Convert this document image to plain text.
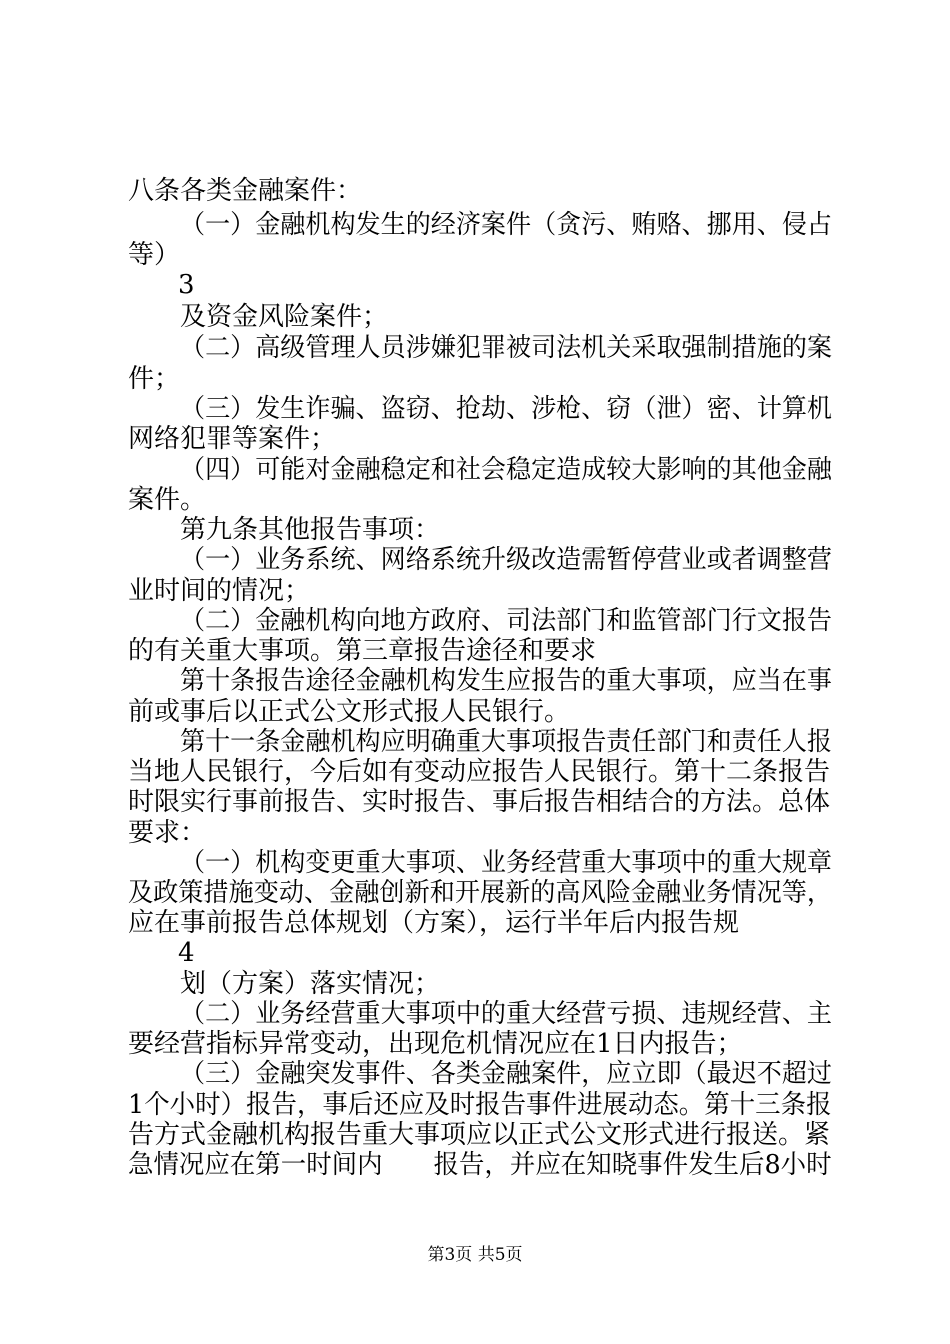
八条各类金融案件：
（一）金融机构发生的经济案件（贪污、贿赂、挪用、侵占
等）
3
及资金风险案件；
（二）高级管理人员涉嫌犯罪被司法机关采取强制措施的案
件；
（三）发生诈骗、盗窃、抢劫、涉枪、窃（泄）密、计算机
网络犯罪等案件；
（四）可能对金融稳定和社会稳定造成较大影响的其他金融
案件。
第九条其他报告事项：
（一）业务系统、网络系统升级改造需暂停营业或者调整营
业时间的情况；
（二）金融机构向地方政府、司法部门和监管部门行文报告
的有关重大事项。第三章报告途径和要求
第十条报告途径金融机构发生应报告的重大事项，应当在事
前或事后以正式公文形式报人民银行。
第十一条金融机构应明确重大事项报告责任部门和责任人报
当地人民银行，今后如有变动应报告人民银行。第十二条报告
时限实行事前报告、实时报告、事后报告相结合的方法。总体
要求：
（一）机构变更重大事项、业务经营重大事项中的重大规章
及政策措施变动、金融创新和开展新的高风险金融业务情况等，
应在事前报告总体规划（方案），运行半年后内报告规
4
划（方案）落实情况；
（二）业务经营重大事项中的重大经营亏损、违规经营、主
要经营指标异常变动，出现危机情况应在1日内报告；
（三）金融突发事件、各类金融案件，应立即（最迟不超过
1个小时）报告，事后还应及时报告事件进展动态。第十三条报
告方式金融机构报告重大事项应以正式公文形式进行报送。紧
急情况应在第一时间内　　报告，并应在知晓事件发生后8小时
第3页 共5页
